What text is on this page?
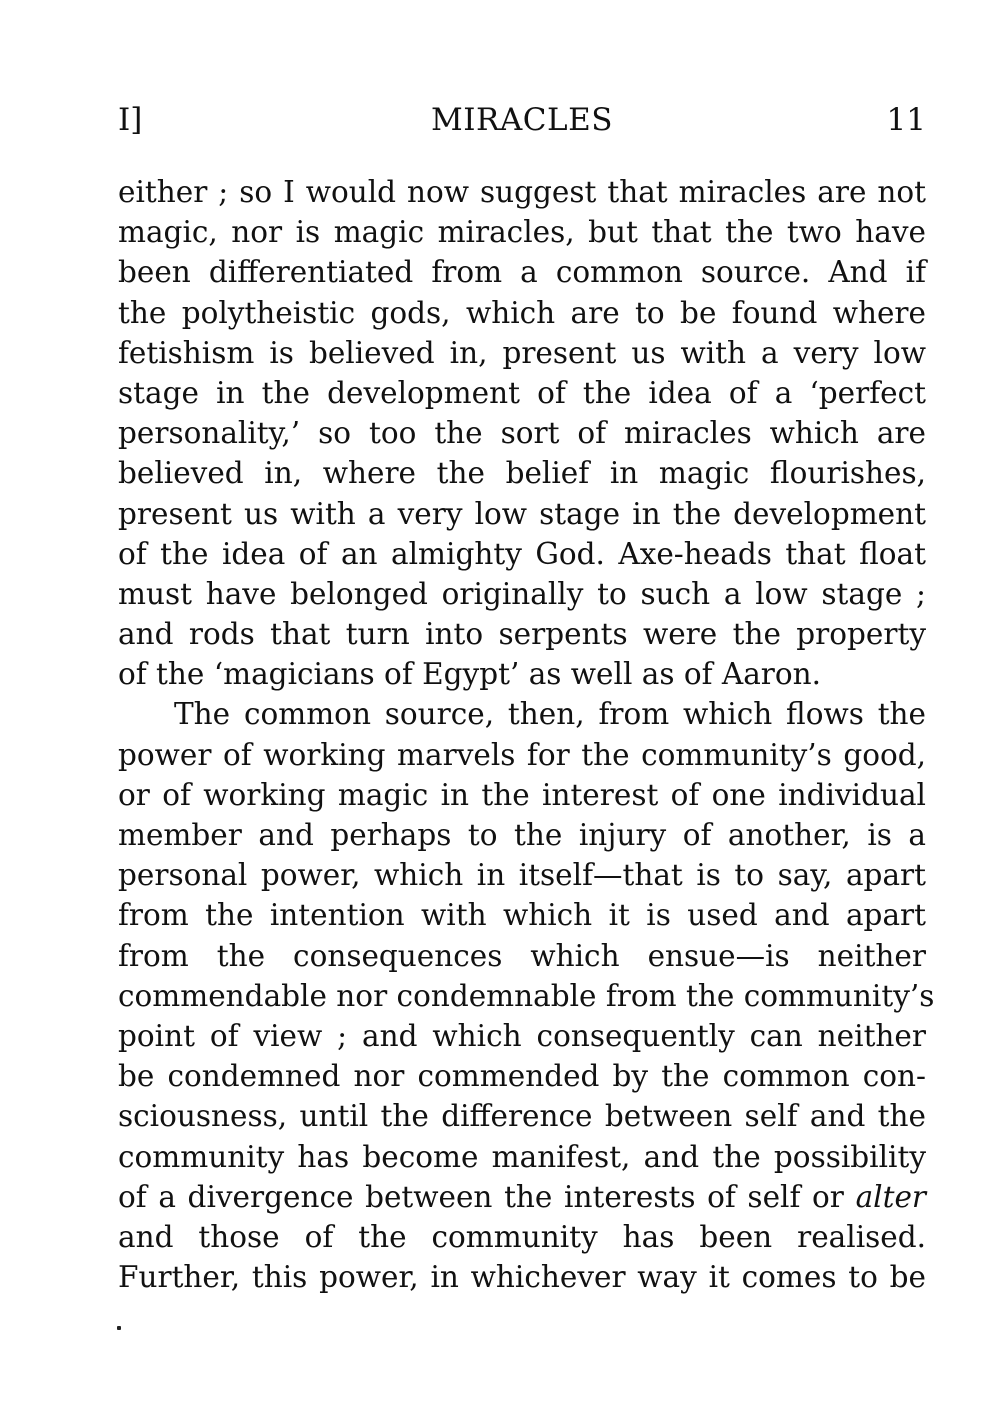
I]	MIRACLES	11
either ; so I would now suggest that miracles are not
magic, nor is magic miracles, but that the two have
been differentiated from a common source. And if
the polytheistic gods, which are to be found where
fetishism is believed in, present us with a very low
stage in the development of the idea of a ‘perfect
personality,’ so too the sort of miracles which are
believed in, where the belief in magic flourishes,
present us with a very low stage in the development
of the idea of an almighty God. Axe-heads that float
must have belonged originally to such a low stage ;
and rods that turn into serpents were the property
of the ‘magicians of Egypt’ as well as of Aaron.
The common source, then, from which flows the
power of working marvels for the community’s good,
or of working magic in the interest of one individual
member and perhaps to the injury of another, is a
personal power, which in itself—that is to say, apart
from the intention with which it is used and apart
from the consequences which ensue—is neither
commendable nor condemnable from the community’s
point of view ; and which consequently can neither
be condemned nor commended by the common con-
sciousness, until the difference between self and the
community has become manifest, and the possibility
of a divergence between the interests of self or alter
and those of the community has been realised.
Further, this power, in whichever way it comes to be
